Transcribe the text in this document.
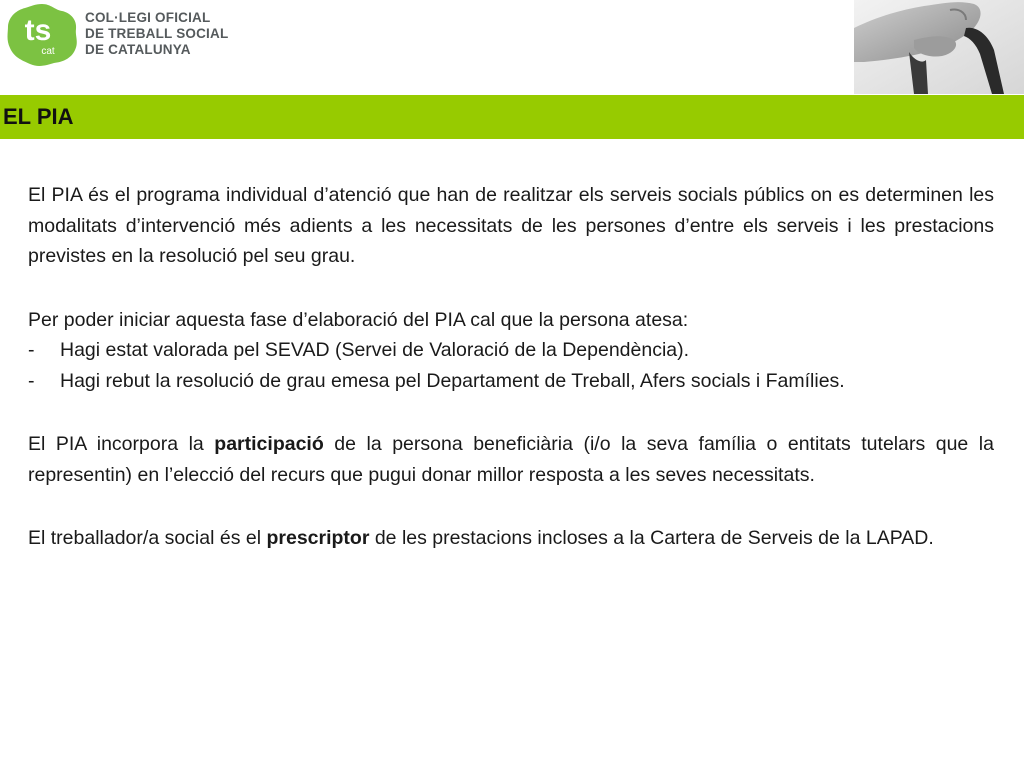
ts
cat
COL·LEGI OFICIAL
DE TREBALL SOCIAL
DE CATALUNYA
EL PIA

El PIA és el programa individual d’atenció que han de realitzar els serveis socials públics on es determinen les modalitats d’intervenció més adients a les necessitats de les persones d’entre els serveis i les prestacions previstes en la resolució pel seu grau.

Per poder iniciar aquesta fase d’elaboració del PIA cal que la persona atesa:

- Hagi estat valorada pel SEVAD (Servei de Valoració de la Dependència).
- Hagi rebut la resolució de grau emesa pel Departament de Treball, Afers socials i Famílies.

El PIA incorpora la participació de la persona beneficiària (i/o la seva família o entitats tutelars que la representin) en l’elecció del recurs que pugui donar millor resposta a les seves necessitats.

El treballador/a social és el prescriptor de les prestacions incloses a la Cartera de Serveis de la LAPAD.
